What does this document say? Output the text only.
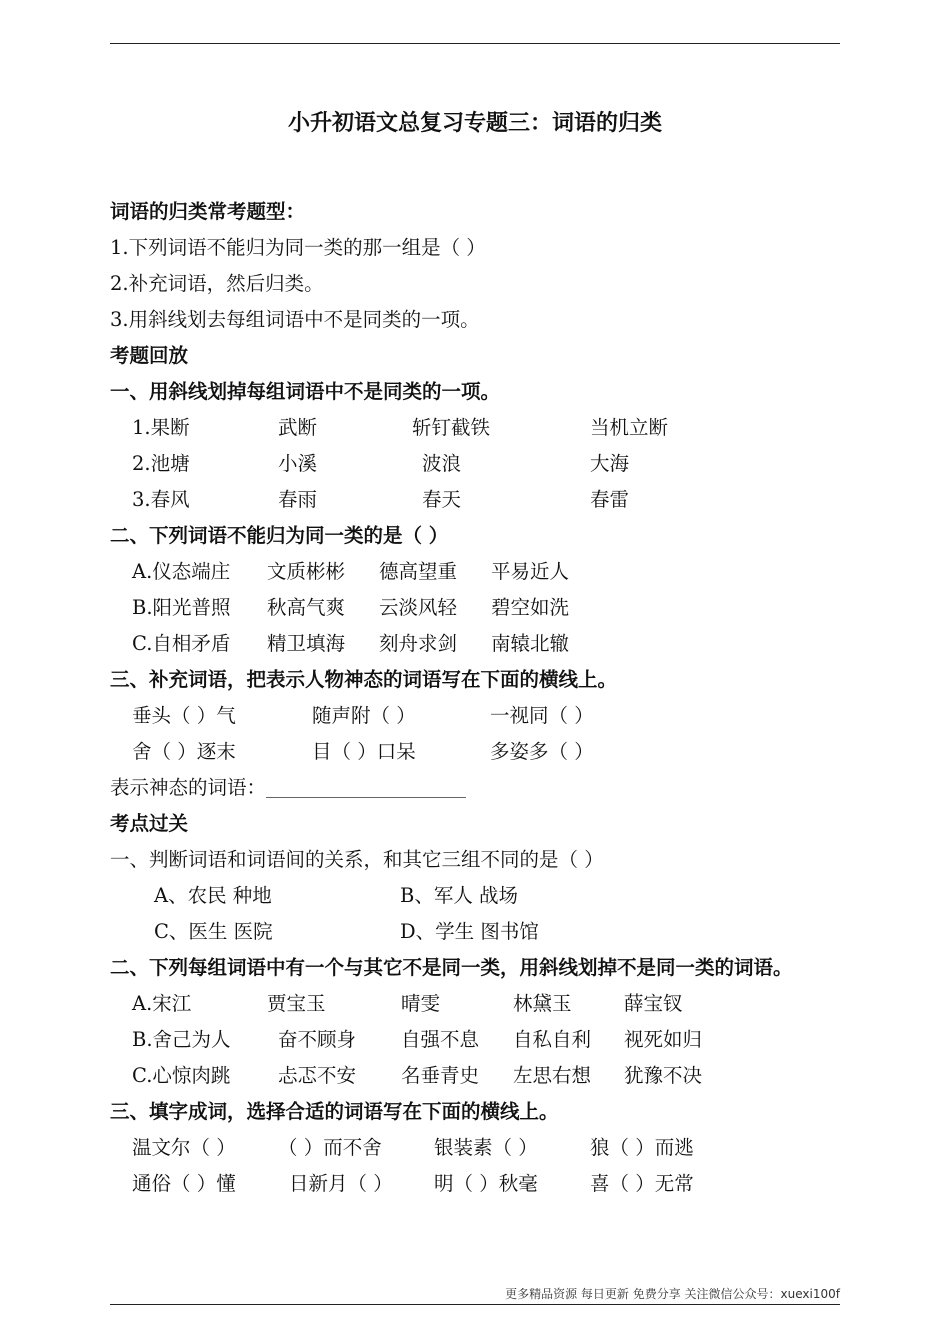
小升初语文总复习专题三：词语的归类
词语的归类常考题型：
1.下列词语不能归为同一类的那一组是（ ）
2.补充词语，然后归类。
3.用斜线划去每组词语中不是同类的一项。
考题回放
一、用斜线划掉每组词语中不是同类的一项。
1.果断	武断	斩钉截铁	当机立断
2.池塘	小溪	波浪	大海
3.春风	春雨	春天	春雷
二、下列词语不能归为同一类的是（ ）
A.仪态端庄 文质彬彬 德高望重 平易近人
B.阳光普照 秋高气爽 云淡风轻 碧空如洗
C.自相矛盾 精卫填海 刻舟求剑 南辕北辙
三、补充词语，把表示人物神态的词语写在下面的横线上。
垂头（ ）气	随声附（ ）	一视同（ ）
舍（ ）逐末	目（ ）口呆	多姿多（ ）
表示神态的词语：
考点过关
一、判断词语和词语间的关系，和其它三组不同的是（ ）
A、农民 种地	B、军人 战场
C、医生 医院	D、学生 图书馆
二、下列每组词语中有一个与其它不是同一类，用斜线划掉不是同一类的词语。
A.宋江	贾宝玉	晴雯	林黛玉	薛宝钗
B.舍己为人 奋不顾身 自强不息 自私自利 视死如归
C.心惊肉跳 忐忑不安 名垂青史 左思右想 犹豫不决
三、填字成词，选择合适的词语写在下面的横线上。
温文尔（ ） （ ）而不舍	银装素（ ）	狼（ ）而逃
通俗（ ）懂	日新月（ ） 明（ ）秋毫	喜（ ）无常
更多精品资源 每日更新 免费分享 关注微信公众号：xuexi100f
